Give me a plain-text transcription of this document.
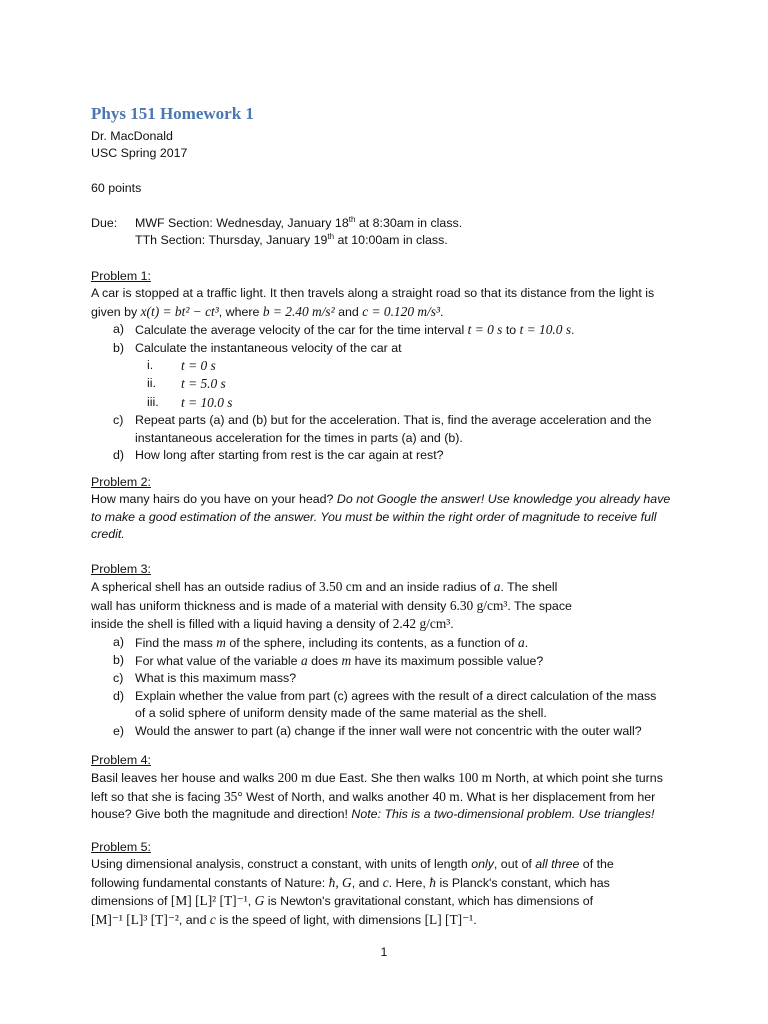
Phys 151 Homework 1
Dr. MacDonald
USC Spring 2017
60 points
Due: MWF Section: Wednesday, January 18th at 8:30am in class.
TTh Section: Thursday, January 19th at 10:00am in class.
Problem 1:
A car is stopped at a traffic light. It then travels along a straight road so that its distance from the light is
given by x(t) = bt² − ct³, where b = 2.40 m/s² and c = 0.120 m/s³.
a) Calculate the average velocity of the car for the time interval t = 0 s to t = 10.0 s.
b) Calculate the instantaneous velocity of the car at
i.	t = 0 s
ii.	t = 5.0 s
iii. t = 10.0 s
c) Repeat parts (a) and (b) but for the acceleration. That is, find the average acceleration and the
instantaneous acceleration for the times in parts (a) and (b).
d) How long after starting from rest is the car again at rest?
Problem 2:
How many hairs do you have on your head? Do not Google the answer! Use knowledge you already have
to make a good estimation of the answer. You must be within the right order of magnitude to receive full
credit.
Problem 3:
A spherical shell has an outside radius of 3.50 cm and an inside radius of a. The shell
wall has uniform thickness and is made of a material with density 6.30 g/cm³. The space
inside the shell is filled with a liquid having a density of 2.42 g/cm³.
a) Find the mass m of the sphere, including its contents, as a function of a.
b) For what value of the variable a does m have its maximum possible value?
c) What is this maximum mass?
d) Explain whether the value from part (c) agrees with the result of a direct calculation of the mass
of a solid sphere of uniform density made of the same material as the shell.
e) Would the answer to part (a) change if the inner wall were not concentric with the outer wall?
Problem 4:
Basil leaves her house and walks 200 m due East. She then walks 100 m North, at which point she turns
left so that she is facing 35° West of North, and walks another 40 m. What is her displacement from her
house? Give both the magnitude and direction! Note: This is a two-dimensional problem. Use triangles!
Problem 5:
Using dimensional analysis, construct a constant, with units of length only, out of all three of the
following fundamental constants of Nature: ħ, G, and c. Here, ħ is Planck's constant, which has
dimensions of [M] [L]² [T]⁻¹, G is Newton's gravitational constant, which has dimensions of
[M]⁻¹ [L]³ [T]⁻², and c is the speed of light, with dimensions [L] [T]⁻¹.
1
